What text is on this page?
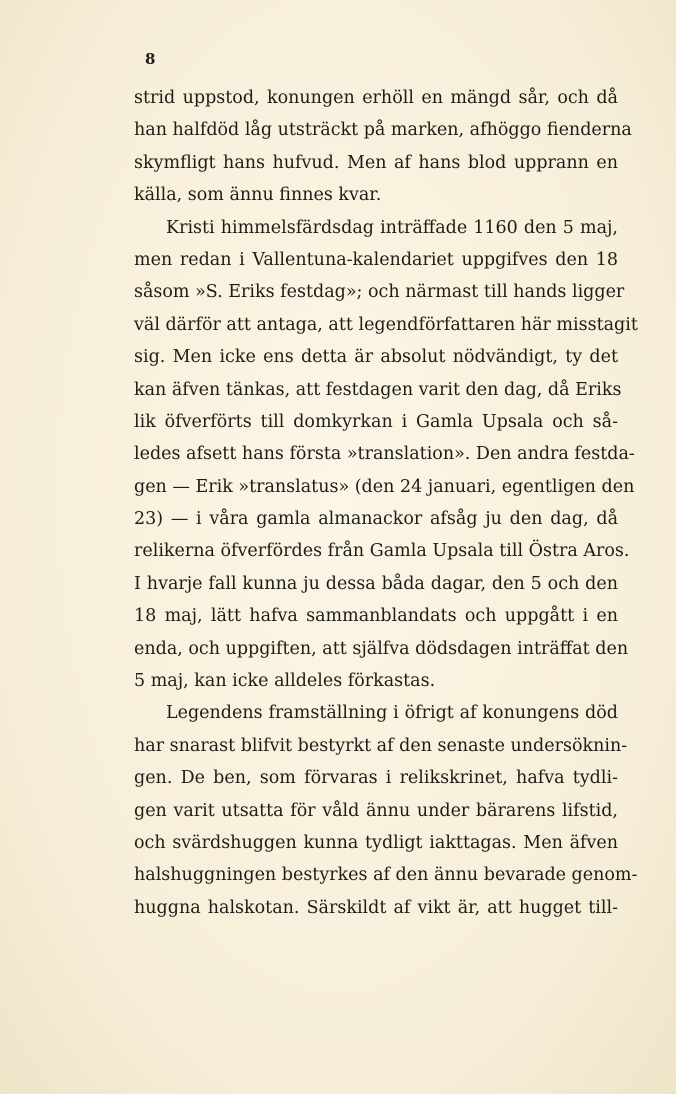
8
strid uppstod, konungen erhöll en mängd sår, och då
han halfdöd låg utsträckt på marken, afhöggo fienderna
skymfligt hans hufvud. Men af hans blod upprann en
källa, som ännu finnes kvar.
Kristi himmelsfärdsdag inträffade 1160 den 5 maj,
men redan i Vallentuna-kalendariet uppgifves den 18
såsom »S. Eriks festdag»; och närmast till hands ligger
väl därför att antaga, att legendförfattaren här misstagit
sig. Men icke ens detta är absolut nödvändigt, ty det
kan äfven tänkas, att festdagen varit den dag, då Eriks
lik öfverförts till domkyrkan i Gamla Upsala och så-
ledes afsett hans första »translation». Den andra festda-
gen — Erik »translatus» (den 24 januari, egentligen den
23) — i våra gamla almanackor afsåg ju den dag, då
relikerna öfverfördes från Gamla Upsala till Östra Aros.
I hvarje fall kunna ju dessa båda dagar, den 5 och den
18 maj, lätt hafva sammanblandats och uppgått i en
enda, och uppgiften, att själfva dödsdagen inträffat den
5 maj, kan icke alldeles förkastas.
Legendens framställning i öfrigt af konungens död
har snarast blifvit bestyrkt af den senaste undersöknin-
gen. De ben, som förvaras i relikskrinet, hafva tydli-
gen varit utsatta för våld ännu under bärarens lifstid,
och svärdshuggen kunna tydligt iakttagas. Men äfven
halshuggningen bestyrkes af den ännu bevarade genom-
huggna halskotan. Särskildt af vikt är, att hugget till-
